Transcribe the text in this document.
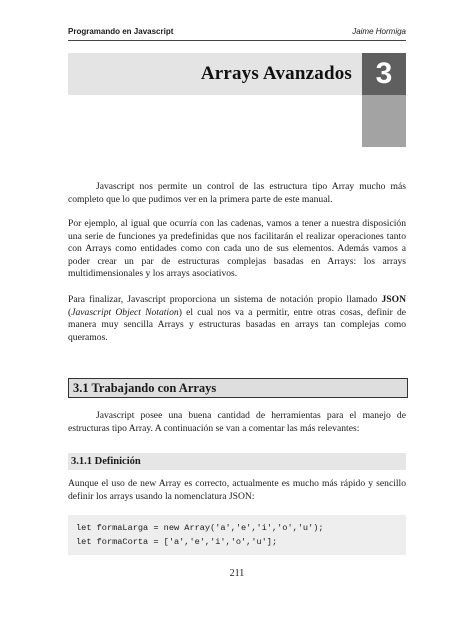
Programando en Javascript	Jaime Hormiga
Arrays Avanzados 3

Javascript nos permite un control de las estructura tipo Array mucho más completo que lo que pudimos ver en la primera parte de este manual.

Por ejemplo, al igual que ocurría con las cadenas, vamos a tener a nuestra disposición una serie de funciones ya predefinidas que nos facilitarán el realizar operaciones tanto con Arrays como entidades como con cada uno de sus elementos. Además vamos a poder crear un par de estructuras complejas basadas en Arrays: los arrays multidimensionales y los arrays asociativos.

Para finalizar, Javascript proporciona un sistema de notación propio llamado JSON (Javascript Object Notation) el cual nos va a permitir, entre otras cosas, definir de manera muy sencilla Arrays y estructuras basadas en arrays tan complejas como queramos.

3.1 Trabajando con Arrays

Javascript posee una buena cantidad de herramientas para el manejo de estructuras tipo Array. A continuación se van a comentar las más relevantes:

3.1.1 Definición

Aunque el uso de new Array es correcto, actualmente es mucho más rápido y sencillo definir los arrays usando la nomenclatura JSON:

let formaLarga = new Array('a','e','i','o','u');
let formaCorta = ['a','e','i','o','u'];
211
